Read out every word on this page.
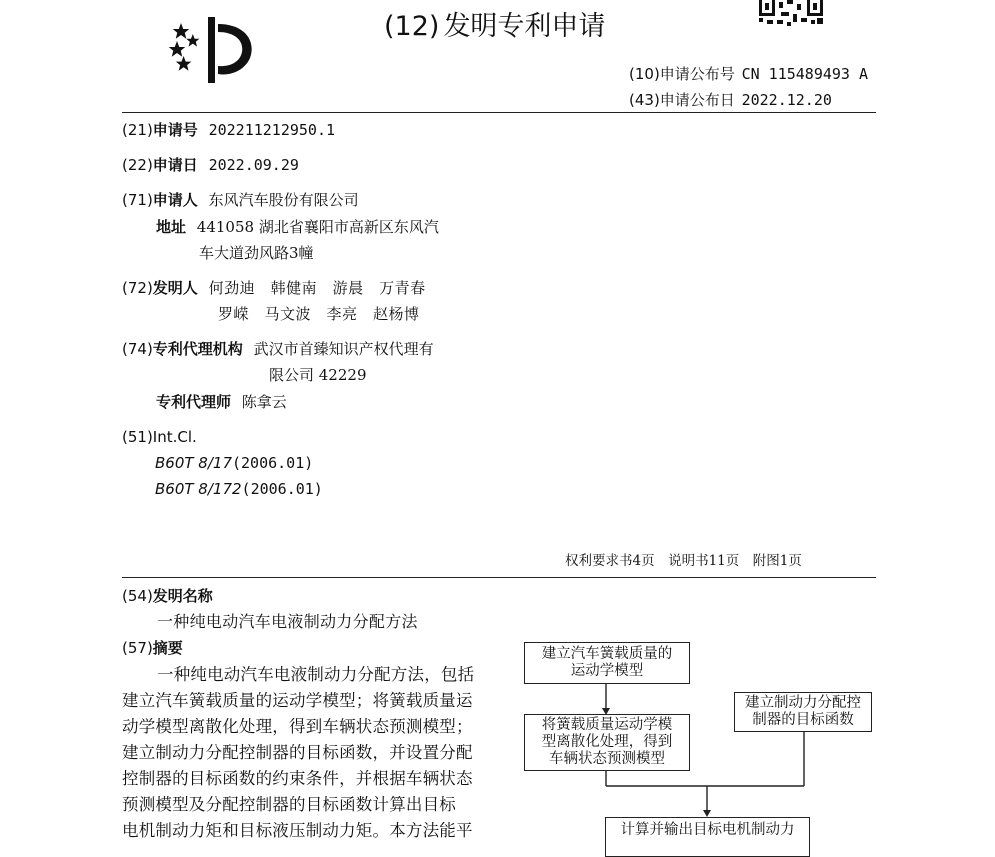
(12) 发明专利申请
(10)申请公布号 CN 115489493 A
(43)申请公布日 2022.12.20
(21)申请号 202211212950.1
(22)申请日 2022.09.29
(71)申请人 东风汽车股份有限公司
地址 441058 湖北省襄阳市高新区东风汽
车大道劲风路3幢
(72)发明人 何劲迪　韩健南　游晨　万青春
罗嵘　马文波　李亮　赵杨博
(74)专利代理机构 武汉市首臻知识产权代理有
限公司 42229
专利代理师 陈拿云
(51)Int.Cl.
B60T 8/17(2006.01)
B60T 8/172(2006.01)
权利要求书4页　说明书11页　附图1页
(54)发明名称
一种纯电动汽车电液制动力分配方法
(57)摘要
一种纯电动汽车电液制动力分配方法，包括
建立汽车簧载质量的运动学模型；将簧载质量运
动学模型离散化处理，得到车辆状态预测模型；
建立制动力分配控制器的目标函数，并设置分配
控制器的目标函数的约束条件，并根据车辆状态
预测模型及分配控制器的目标函数计算出目标
电机制动力矩和目标液压制动力矩。本方法能平
建立汽车簧载质量的
运动学模型
将簧载质量运动学模
型离散化处理，得到
车辆状态预测模型
建立制动力分配控
制器的目标函数
计算并输出目标电机制动力
